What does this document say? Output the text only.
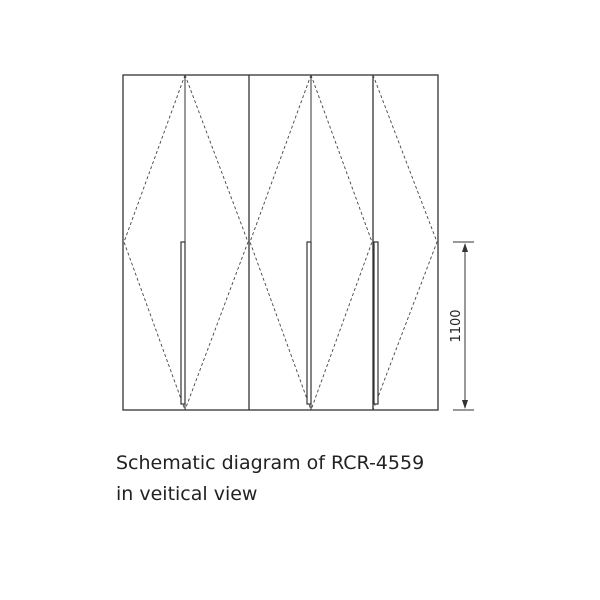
1100
Schematic diagram of RCR-4559
in veitical view
